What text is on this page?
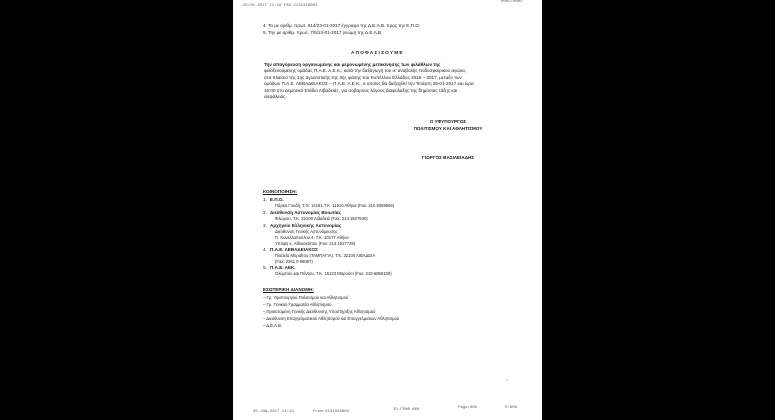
25/01 2017 11:19 FAX 2131316604
0002/0002
4. Το με αριθμ. πρωτ. 614/23-01-2017 έγγραφο της Δ.Ε.Α.Β. προς την Ε.Π.Ο.
5. Την με αριθμ. πρωτ. 7/5/24-01-2017 γνώμη της Δ.Ε.Α.Β.
Α Π Ο Φ Α Σ Ι Ζ Ο Υ Μ Ε
Την απαγόρευση οργανωμένης και μεμονωμένης μετακίνησης των φιλάθλων της
φιλοξενούμενης ομάδας Π.Α.Ε. Α.Ε.Κ., κατά την διεξαγωγή του ιε' αναβολής ποδοσφαιρικού αγώνα,
στο πλαίσιο της 1ης αγωνιστικής της 3ης φάσης του Κυπέλλου Ελλάδος 2016 – 2017, μεταξύ των
ομάδων Π.Α.Ε. ΛΕΒΑΔΕΙΑΚΟΣ – Π.Α.Ε. Α.Ε.Κ., ο οποίος θα διεξαχθεί την Τετάρτη 25-01-2017 και ώρα
15:00 στο Δημοτικό Στάδιο Λιβαδειάς, για σοβαρούς λόγους διαφύλαξης της δημόσιας τάξης και
ασφάλειας.
Ο ΥΦΥΠΟΥΡΓΟΣ
ΠΟΛΙΤΙΣΜΟΥ ΚΑΙ ΑΘΛΗΤΙΣΜΟΥ
ΓΙΩΡΓΟΣ ΒΑΣΙΛΕΙΑΔΗΣ
ΚΟΙΝΟΠΟΙΗΣΗ:
1. Ε.Π.Ο.
Πάρκο Γουδή, Τ.Θ. 14161,Τ.Κ. 11510 Αθήνα (Fax: 210 9359666)
2. Διεύθυνση Αστυνομίας Βοιωτίας
Φλώρου, Τ.Κ. 32100 Λιβαδειά (Fax: 213 1527930)
3. Αρχηγείο Ελληνικής Αστυνομίας
Διεύθυνση Γενικής Αστυνόμευσης
Π. Κανελλοπούλου 4, Τ.Κ. 10177 Αθήνα
Υπόψη κ. Αθλοσκόπου (Fax: 213 1527729)
4. Π.Α.Ε. ΛΕΒΑΔΕΙΑΚΟΣ
Πλατεία Μοραΐτου (ΤΑΜΠΑΓΙΑ), Τ.Κ. 32100 ΛΙΒΑΔΕΙΑ
(Fax: 2261 0 88087)
5. Π.Α.Ε. ΑΕΚ.
Ολύμπου και Πόντου, Τ.Κ. 15123 Μαρούσι (Fax: 210-6856150)
ΕΣΩΤΕΡΙΚΗ ΔΙΑΝΟΜΗ:
– Γρ. Υφυπουργού Πολιτισμού και Αθλητισμού
– Γρ. Γενικού Γραμματέα Αθλητισμού
– Προϊσταμένη Γενικής Διεύθυνσης Υποστήριξης Αθλητισμού
– Διεύθυνση Επαγγελματικού Αθλητισμού και Επαγγελματιών Αθλητισμού
– Δ.Ε.Α.Β.
•
25-JAN-2017 11:13	From:2131316604	ID:ΓΡΑΦ ΑΕΚ	Page:002	R:95%
